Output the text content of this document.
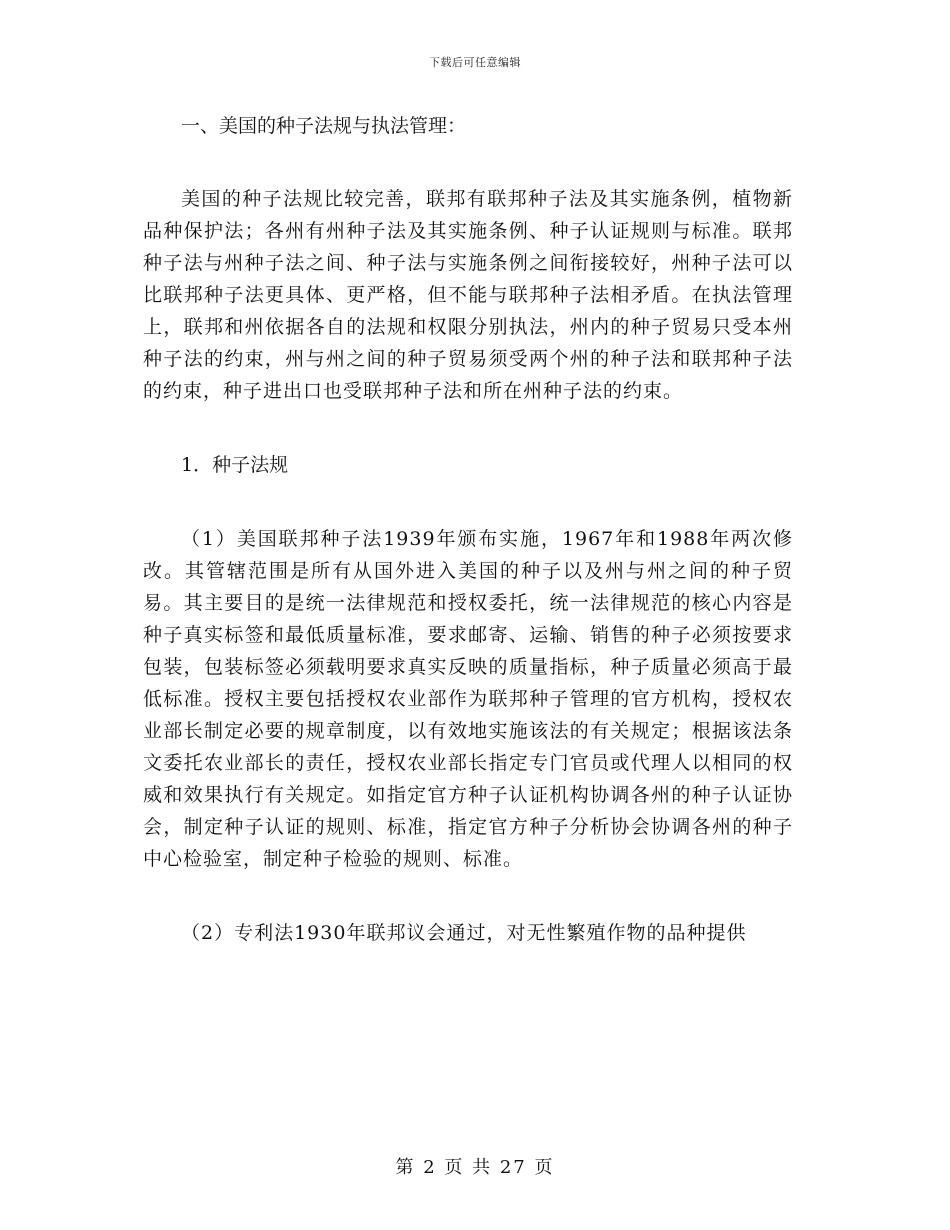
下载后可任意编辑

一、美国的种子法规与执法管理：

美国的种子法规比较完善，联邦有联邦种子法及其实施条例，植物新品种保护法；各州有州种子法及其实施条例、种子认证规则与标准。联邦种子法与州种子法之间、种子法与实施条例之间衔接较好，州种子法可以比联邦种子法更具体、更严格，但不能与联邦种子法相矛盾。在执法管理上，联邦和州依据各自的法规和权限分别执法，州内的种子贸易只受本州种子法的约束，州与州之间的种子贸易须受两个州的种子法和联邦种子法的约束，种子进出口也受联邦种子法和所在州种子法的约束。

1．种子法规

（1）美国联邦种子法1939年颁布实施，1967年和1988年两次修改。其管辖范围是所有从国外进入美国的种子以及州与州之间的种子贸易。其主要目的是统一法律规范和授权委托，统一法律规范的核心内容是种子真实标签和最低质量标准，要求邮寄、运输、销售的种子必须按要求包装，包装标签必须载明要求真实反映的质量指标，种子质量必须高于最低标准。授权主要包括授权农业部作为联邦种子管理的官方机构，授权农业部长制定必要的规章制度，以有效地实施该法的有关规定；根据该法条文委托农业部长的责任，授权农业部长指定专门官员或代理人以相同的权威和效果执行有关规定。如指定官方种子认证机构协调各州的种子认证协会，制定种子认证的规则、标准，指定官方种子分析协会协调各州的种子中心检验室，制定种子检验的规则、标准。

（2）专利法1930年联邦议会通过，对无性繁殖作物的品种提供

第 2 页 共 27 页
